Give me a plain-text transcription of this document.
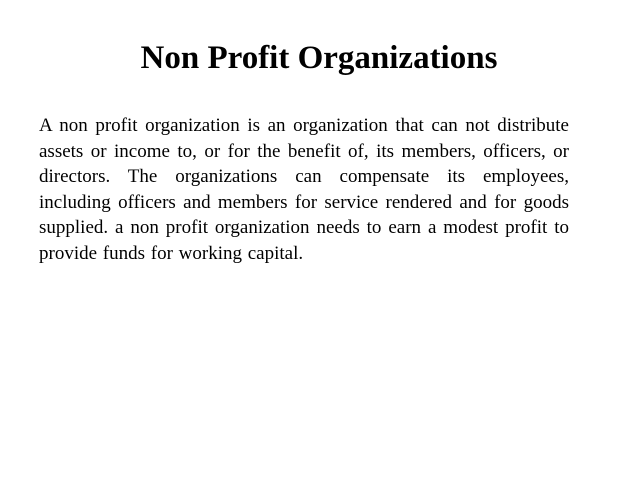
Non Profit Organizations

A non profit organization is an organization that can not distribute assets or income to, or for the benefit of, its members, officers, or directors. The organizations can compensate its employees, including officers and members for service rendered and for goods supplied. a non profit organization needs to earn a modest profit to provide funds for working capital.
